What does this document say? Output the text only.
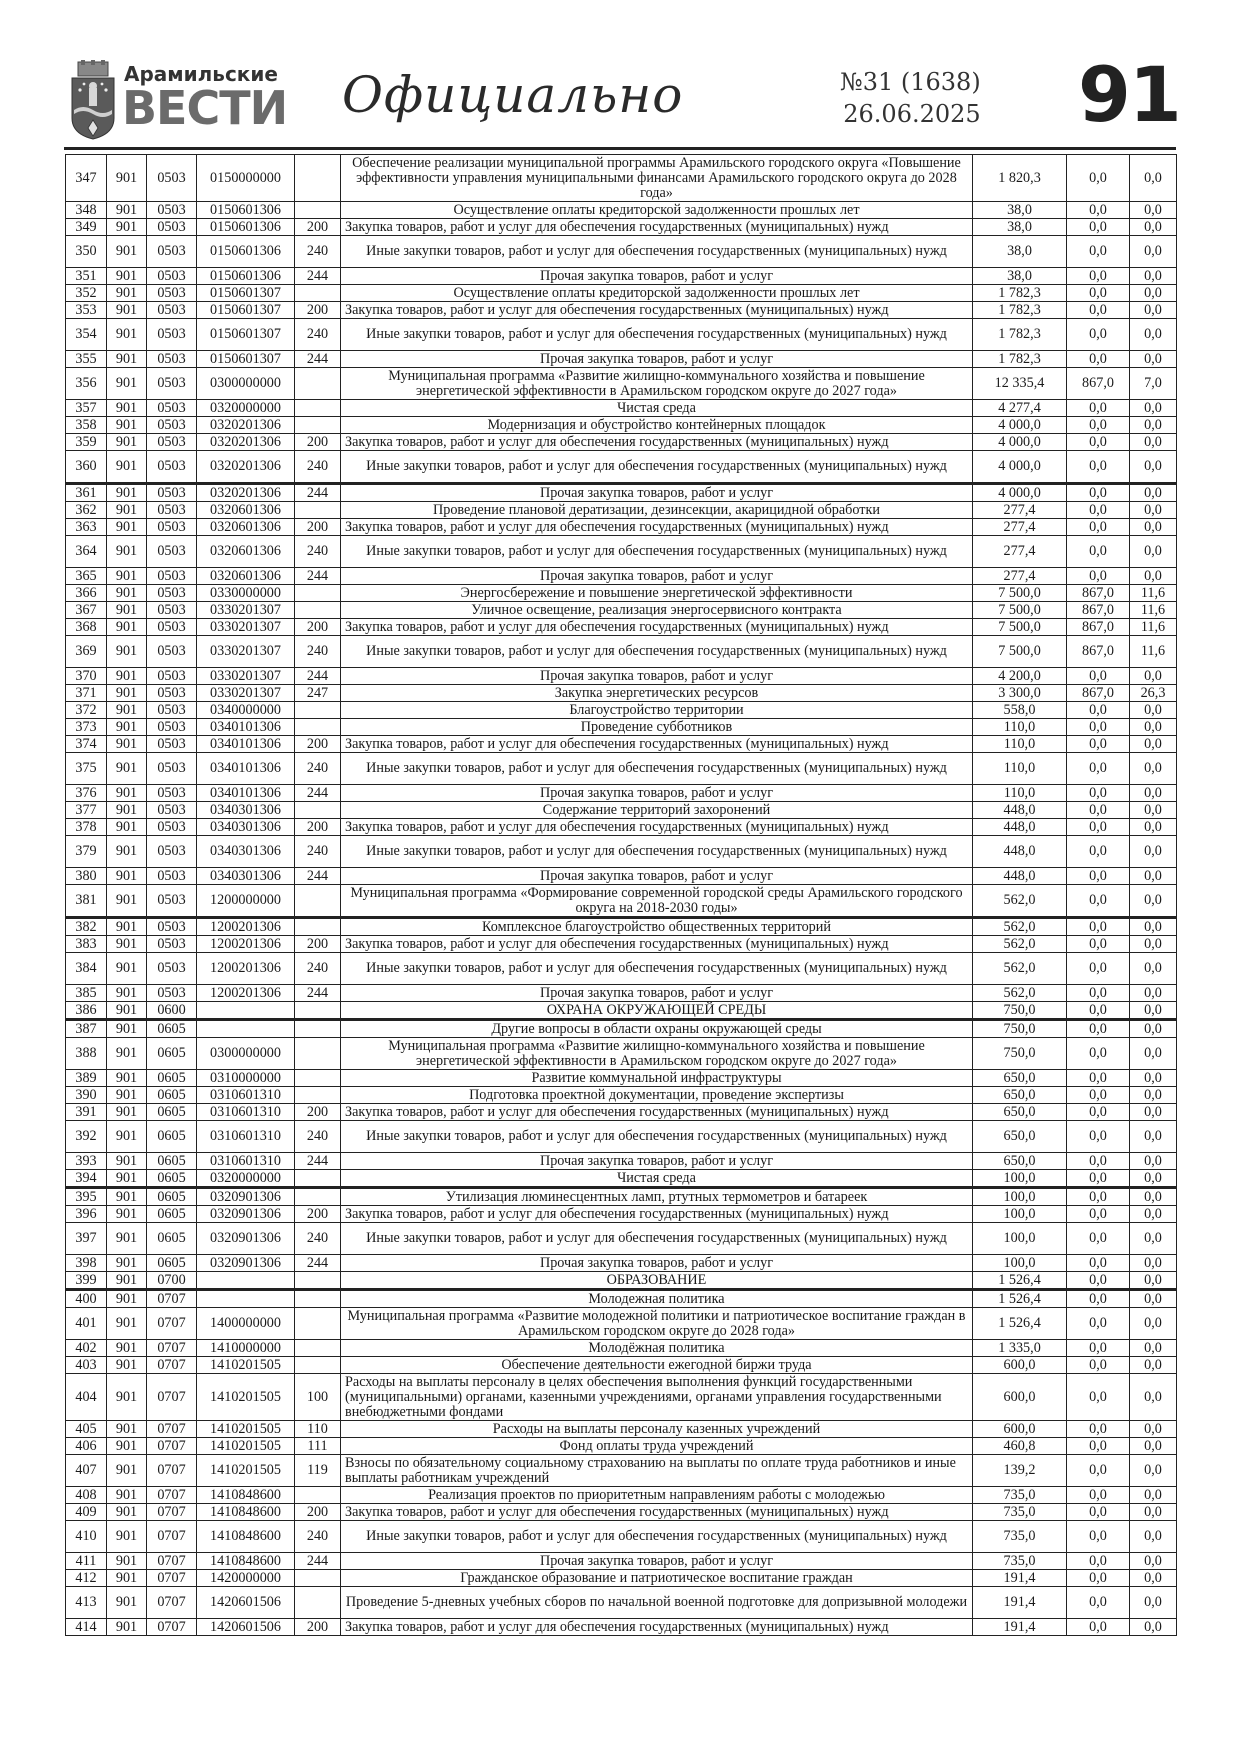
Арамильские
ВЕСТИ Официально	№31 (1638)
26.06.2025 91
347	901	0503	0150000000		Обеспечение реализации муниципальной программы Арамильского городского округа «Повышение эффективности управления муниципальными финансами Арамильского городского округа до 2028 года»	1 820,3	0,0	0,0
348	901	0503	0150601306		Осуществление оплаты кредиторской задолженности прошлых лет	38,0	0,0	0,0
349	901	0503	0150601306	200	Закупка товаров, работ и услуг для обеспечения государственных (муниципальных) нужд	38,0	0,0	0,0
350	901	0503	0150601306	240	Иные закупки товаров, работ и услуг для обеспечения государственных (муниципальных) нужд	38,0	0,0	0,0
351	901	0503	0150601306	244	Прочая закупка товаров, работ и услуг	38,0	0,0	0,0
352	901	0503	0150601307		Осуществление оплаты кредиторской задолженности прошлых лет	1 782,3	0,0	0,0
353	901	0503	0150601307	200	Закупка товаров, работ и услуг для обеспечения государственных (муниципальных) нужд	1 782,3	0,0	0,0
354	901	0503	0150601307	240	Иные закупки товаров, работ и услуг для обеспечения государственных (муниципальных) нужд	1 782,3	0,0	0,0
355	901	0503	0150601307	244	Прочая закупка товаров, работ и услуг	1 782,3	0,0	0,0
356	901	0503	0300000000		Муниципальная программа «Развитие жилищно-коммунального хозяйства и повышение энергетической эффективности в Арамильском городском округе до 2027 года»	12 335,4	867,0	7,0
357	901	0503	0320000000		Чистая среда	4 277,4	0,0	0,0
358	901	0503	0320201306		Модернизация и обустройство контейнерных площадок	4 000,0	0,0	0,0
359	901	0503	0320201306	200	Закупка товаров, работ и услуг для обеспечения государственных (муниципальных) нужд	4 000,0	0,0	0,0
360	901	0503	0320201306	240	Иные закупки товаров, работ и услуг для обеспечения государственных (муниципальных) нужд	4 000,0	0,0	0,0
361	901	0503	0320201306	244	Прочая закупка товаров, работ и услуг	4 000,0	0,0	0,0
362	901	0503	0320601306		Проведение плановой дератизации, дезинсекции, акарицидной обработки	277,4	0,0	0,0
363	901	0503	0320601306	200	Закупка товаров, работ и услуг для обеспечения государственных (муниципальных) нужд	277,4	0,0	0,0
364	901	0503	0320601306	240	Иные закупки товаров, работ и услуг для обеспечения государственных (муниципальных) нужд	277,4	0,0	0,0
365	901	0503	0320601306	244	Прочая закупка товаров, работ и услуг	277,4	0,0	0,0
366	901	0503	0330000000		Энергосбережение и повышение энергетической эффективности	7 500,0	867,0	11,6
367	901	0503	0330201307		Уличное освещение, реализация энергосервисного контракта	7 500,0	867,0	11,6
368	901	0503	0330201307	200	Закупка товаров, работ и услуг для обеспечения государственных (муниципальных) нужд	7 500,0	867,0	11,6
369	901	0503	0330201307	240	Иные закупки товаров, работ и услуг для обеспечения государственных (муниципальных) нужд	7 500,0	867,0	11,6
370	901	0503	0330201307	244	Прочая закупка товаров, работ и услуг	4 200,0	0,0	0,0
371	901	0503	0330201307	247	Закупка энергетических ресурсов	3 300,0	867,0	26,3
372	901	0503	0340000000		Благоустройство территории	558,0	0,0	0,0
373	901	0503	0340101306		Проведение субботников	110,0	0,0	0,0
374	901	0503	0340101306	200	Закупка товаров, работ и услуг для обеспечения государственных (муниципальных) нужд	110,0	0,0	0,0
375	901	0503	0340101306	240	Иные закупки товаров, работ и услуг для обеспечения государственных (муниципальных) нужд	110,0	0,0	0,0
376	901	0503	0340101306	244	Прочая закупка товаров, работ и услуг	110,0	0,0	0,0
377	901	0503	0340301306		Содержание территорий захоронений	448,0	0,0	0,0
378	901	0503	0340301306	200	Закупка товаров, работ и услуг для обеспечения государственных (муниципальных) нужд	448,0	0,0	0,0
379	901	0503	0340301306	240	Иные закупки товаров, работ и услуг для обеспечения государственных (муниципальных) нужд	448,0	0,0	0,0
380	901	0503	0340301306	244	Прочая закупка товаров, работ и услуг	448,0	0,0	0,0
381	901	0503	1200000000		Муниципальная программа «Формирование современной городской среды Арамильского городского округа на 2018-2030 годы»	562,0	0,0	0,0
382	901	0503	1200201306		Комплексное благоустройство общественных территорий	562,0	0,0	0,0
383	901	0503	1200201306	200	Закупка товаров, работ и услуг для обеспечения государственных (муниципальных) нужд	562,0	0,0	0,0
384	901	0503	1200201306	240	Иные закупки товаров, работ и услуг для обеспечения государственных (муниципальных) нужд	562,0	0,0	0,0
385	901	0503	1200201306	244	Прочая закупка товаров, работ и услуг	562,0	0,0	0,0
386	901	0600			ОХРАНА ОКРУЖАЮЩЕЙ СРЕДЫ	750,0	0,0	0,0
387	901	0605			Другие вопросы в области охраны окружающей среды	750,0	0,0	0,0
388	901	0605	0300000000		Муниципальная программа «Развитие жилищно-коммунального хозяйства и повышение энергетической эффективности в Арамильском городском округе до 2027 года»	750,0	0,0	0,0
389	901	0605	0310000000		Развитие коммунальной инфраструктуры	650,0	0,0	0,0
390	901	0605	0310601310		Подготовка проектной документации, проведение экспертизы	650,0	0,0	0,0
391	901	0605	0310601310	200	Закупка товаров, работ и услуг для обеспечения государственных (муниципальных) нужд	650,0	0,0	0,0
392	901	0605	0310601310	240	Иные закупки товаров, работ и услуг для обеспечения государственных (муниципальных) нужд	650,0	0,0	0,0
393	901	0605	0310601310	244	Прочая закупка товаров, работ и услуг	650,0	0,0	0,0
394	901	0605	0320000000		Чистая среда	100,0	0,0	0,0
395	901	0605	0320901306		Утилизация люминесцентных ламп, ртутных термометров и батареек	100,0	0,0	0,0
396	901	0605	0320901306	200	Закупка товаров, работ и услуг для обеспечения государственных (муниципальных) нужд	100,0	0,0	0,0
397	901	0605	0320901306	240	Иные закупки товаров, работ и услуг для обеспечения государственных (муниципальных) нужд	100,0	0,0	0,0
398	901	0605	0320901306	244	Прочая закупка товаров, работ и услуг	100,0	0,0	0,0
399	901	0700			ОБРАЗОВАНИЕ	1 526,4	0,0	0,0
400	901	0707			Молодежная политика	1 526,4	0,0	0,0
401	901	0707	1400000000		Муниципальная программа «Развитие молодежной политики и патриотическое воспитание граждан в Арамильском городском округе до 2028 года»	1 526,4	0,0	0,0
402	901	0707	1410000000		Молодёжная политика	1 335,0	0,0	0,0
403	901	0707	1410201505		Обеспечение деятельности ежегодной биржи труда	600,0	0,0	0,0
404	901	0707	1410201505	100	Расходы на выплаты персоналу в целях обеспечения выполнения функций государственными (муниципальными) органами, казенными учреждениями, органами управления государственными внебюджетными фондами	600,0	0,0	0,0
405	901	0707	1410201505	110	Расходы на выплаты персоналу казенных учреждений	600,0	0,0	0,0
406	901	0707	1410201505	111	Фонд оплаты труда учреждений	460,8	0,0	0,0
407	901	0707	1410201505	119	Взносы по обязательному социальному страхованию на выплаты по оплате труда работников и иные выплаты работникам учреждений	139,2	0,0	0,0
408	901	0707	1410848600		Реализация проектов по приоритетным направлениям работы с молодежью	735,0	0,0	0,0
409	901	0707	1410848600	200	Закупка товаров, работ и услуг для обеспечения государственных (муниципальных) нужд	735,0	0,0	0,0
410	901	0707	1410848600	240	Иные закупки товаров, работ и услуг для обеспечения государственных (муниципальных) нужд	735,0	0,0	0,0
411	901	0707	1410848600	244	Прочая закупка товаров, работ и услуг	735,0	0,0	0,0
412	901	0707	1420000000		Гражданское образование и патриотическое воспитание граждан	191,4	0,0	0,0
413	901	0707	1420601506		Проведение 5-дневных учебных сборов по начальной военной подготовке для допризывной молодежи	191,4	0,0	0,0
414	901	0707	1420601506	200	Закупка товаров, работ и услуг для обеспечения государственных (муниципальных) нужд	191,4	0,0	0,0
